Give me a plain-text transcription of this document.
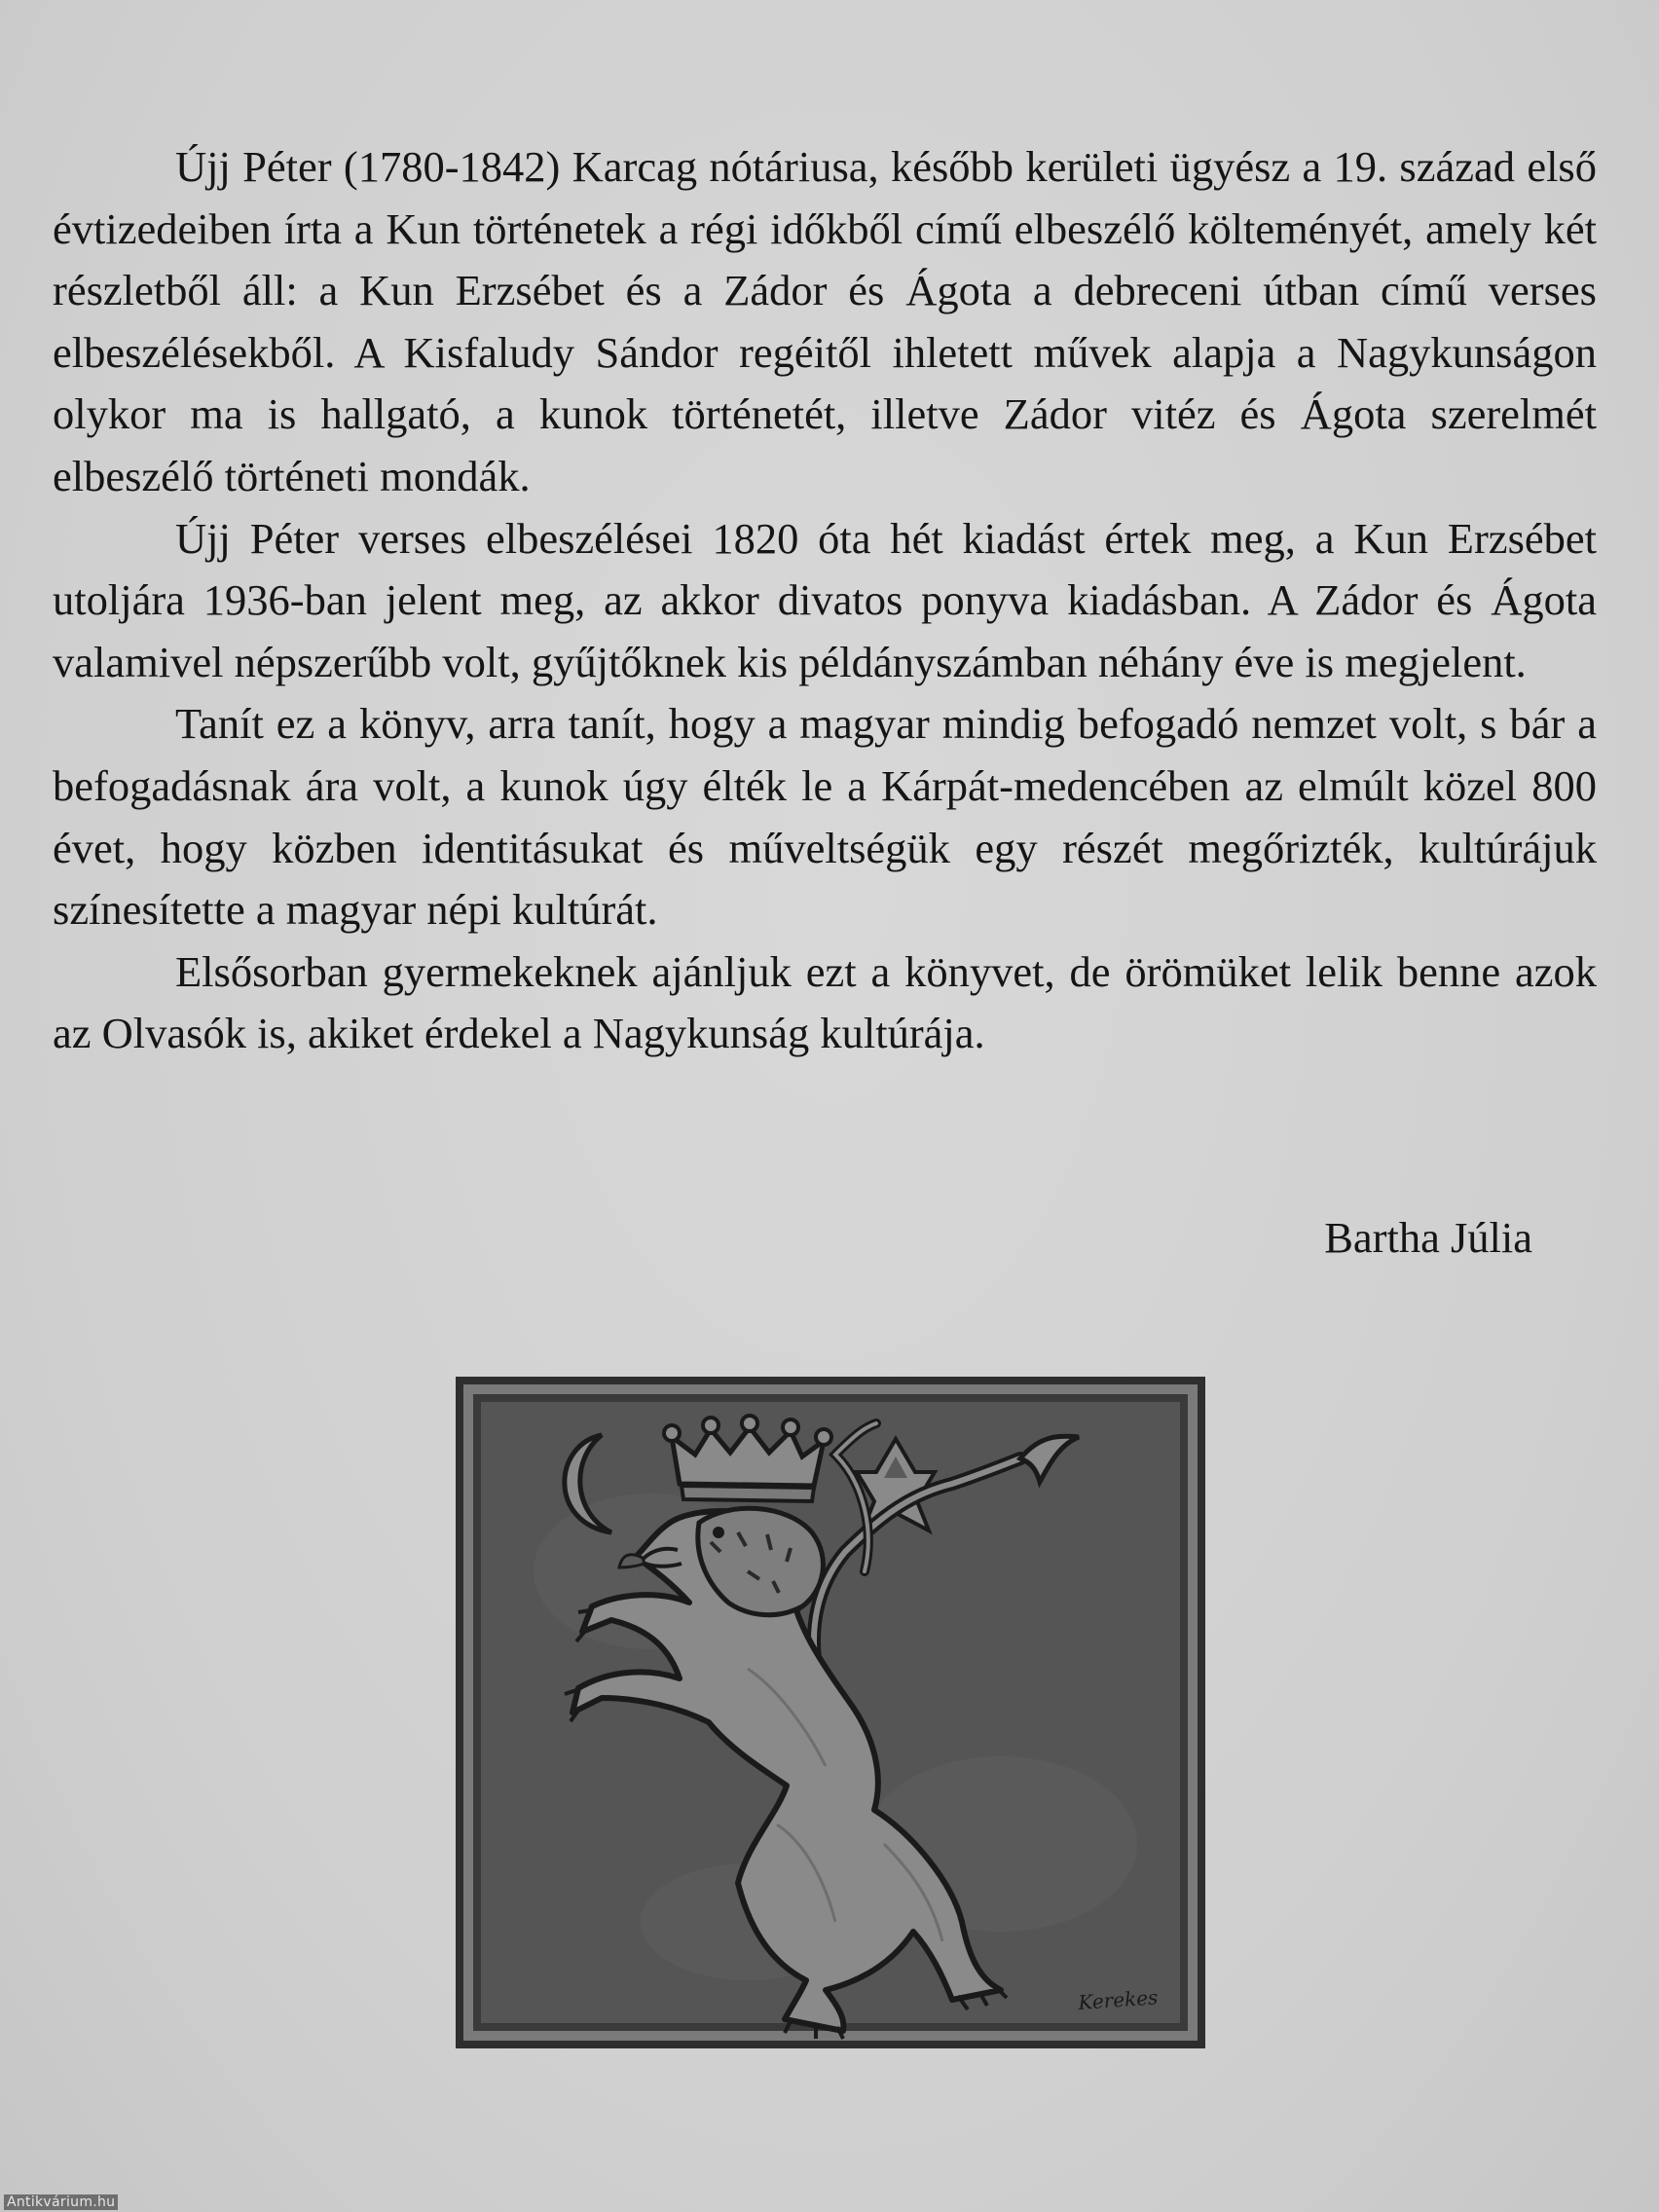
Újj Péter (1780-1842) Karcag nótáriusa, később kerületi ügyész a 19. század első évtizedeiben írta a Kun történetek a régi időkből című elbeszélő költeményét, amely két részletből áll: a Kun Erzsébet és a Zádor és Ágota a debreceni útban című verses elbeszélésekből. A Kisfaludy Sándor regéitől ihletett művek alapja a Nagykunságon olykor ma is hallgató, a kunok történetét, illetve Zádor vitéz és Ágota szerelmét elbeszélő történeti mondák.

Újj Péter verses elbeszélései 1820 óta hét kiadást értek meg, a Kun Erzsébet utoljára 1936-ban jelent meg, az akkor divatos ponyva kiadásban. A Zádor és Ágota valamivel népszerűbb volt, gyűjtőknek kis példányszámban néhány éve is megjelent.

Tanít ez a könyv, arra tanít, hogy a magyar mindig befogadó nemzet volt, s bár a befogadásnak ára volt, a kunok úgy élték le a Kárpát-medencében az elmúlt közel 800 évet, hogy közben identitásukat és műveltségük egy részét megőrizték, kultúrájuk színesítette a magyar népi kultúrát.

Elsősorban gyermekeknek ajánljuk ezt a könyvet, de örömüket lelik benne azok az Olvasók is, akiket érdekel a Nagykunság kultúrája.

Bartha Júlia
Kerekes
Antikvárium.hu
